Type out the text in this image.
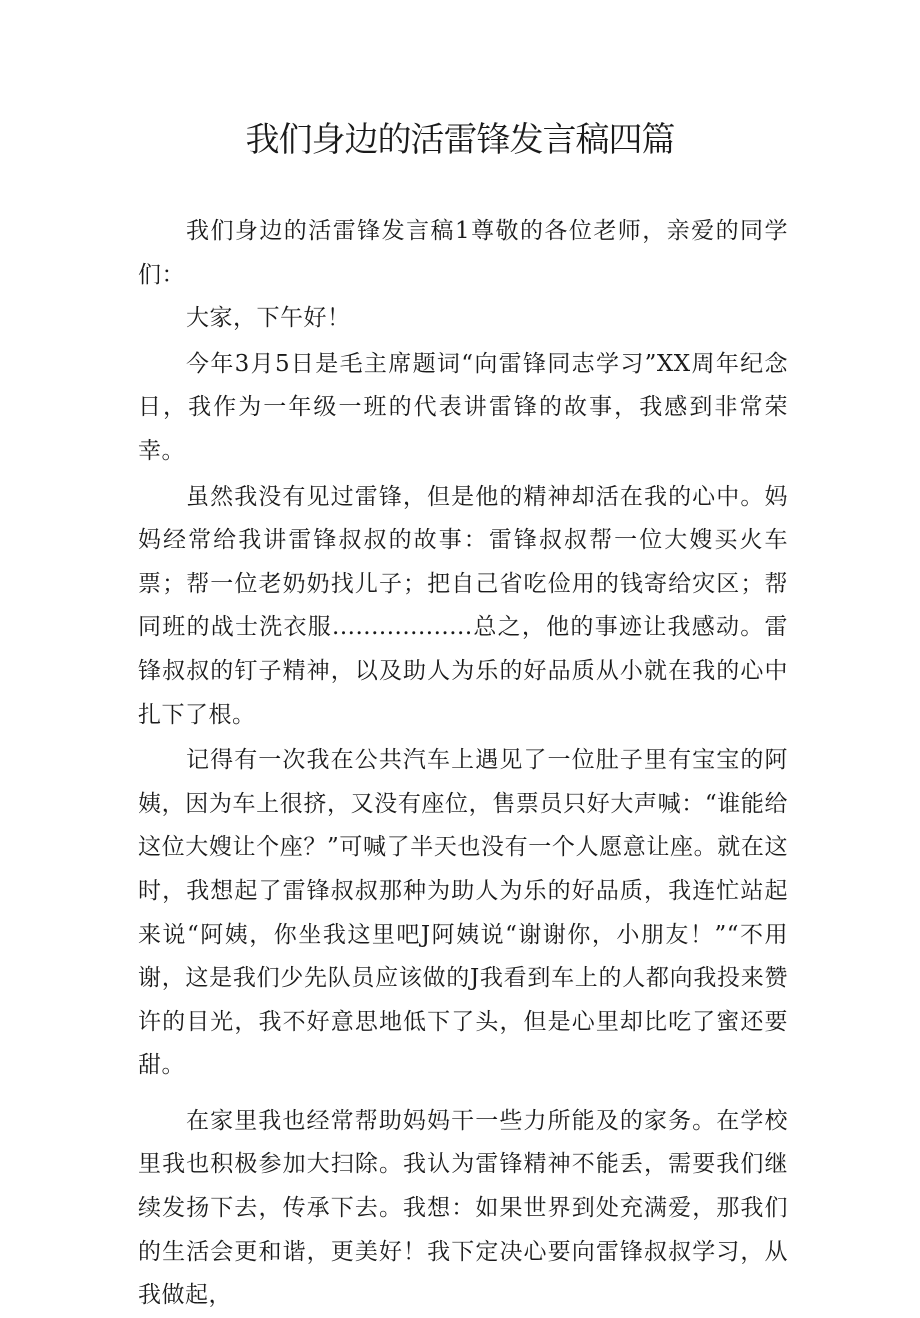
我们身边的活雷锋发言稿四篇

我们身边的活雷锋发言稿1尊敬的各位老师，亲爱的同学们：

大家，下午好！

今年3月5日是毛主席题词“向雷锋同志学习”XX周年纪念日，我作为一年级一班的代表讲雷锋的故事，我感到非常荣幸。

虽然我没有见过雷锋，但是他的精神却活在我的心中。妈妈经常给我讲雷锋叔叔的故事：雷锋叔叔帮一位大嫂买火车票；帮一位老奶奶找儿子；把自己省吃俭用的钱寄给灾区；帮同班的战士洗衣服..................总之，他的事迹让我感动。雷锋叔叔的钉子精神，以及助人为乐的好品质从小就在我的心中扎下了根。

记得有一次我在公共汽车上遇见了一位肚子里有宝宝的阿姨，因为车上很挤，又没有座位，售票员只好大声喊：“谁能给这位大嫂让个座？”可喊了半天也没有一个人愿意让座。就在这时，我想起了雷锋叔叔那种为助人为乐的好品质，我连忙站起来说“阿姨，你坐我这里吧J阿姨说“谢谢你，小朋友！”“不用谢，这是我们少先队员应该做的J我看到车上的人都向我投来赞许的目光，我不好意思地低下了头，但是心里却比吃了蜜还要甜。

在家里我也经常帮助妈妈干一些力所能及的家务。在学校里我也积极参加大扫除。我认为雷锋精神不能丢，需要我们继续发扬下去，传承下去。我想：如果世界到处充满爱，那我们的生活会更和谐，更美好！我下定决心要向雷锋叔叔学习，从我做起，
